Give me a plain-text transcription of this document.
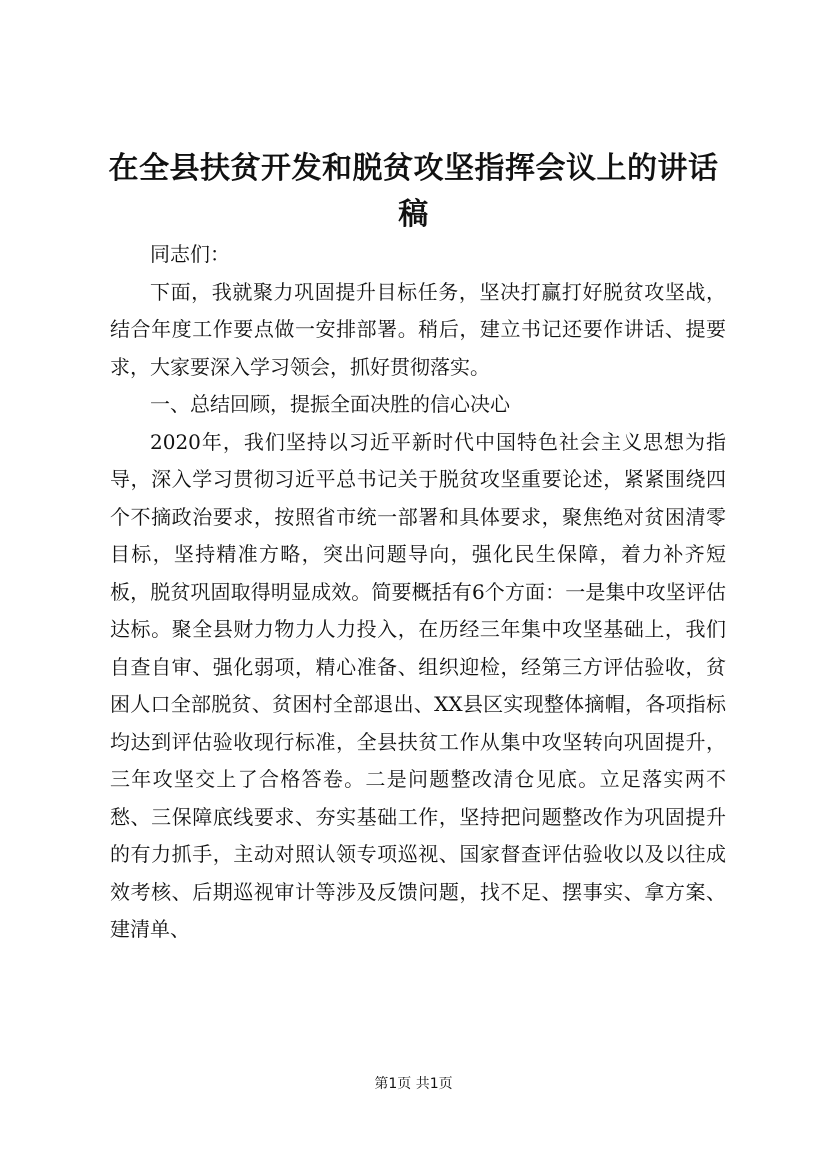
在全县扶贫开发和脱贫攻坚指挥会议上的讲话稿

同志们：

下面，我就聚力巩固提升目标任务，坚决打赢打好脱贫攻坚战，结合年度工作要点做一安排部署。稍后，建立书记还要作讲话、提要求，大家要深入学习领会，抓好贯彻落实。

一、总结回顾，提振全面决胜的信心决心

2020年，我们坚持以习近平新时代中国特色社会主义思想为指导，深入学习贯彻习近平总书记关于脱贫攻坚重要论述，紧紧围绕四个不摘政治要求，按照省市统一部署和具体要求，聚焦绝对贫困清零目标，坚持精准方略，突出问题导向，强化民生保障，着力补齐短板，脱贫巩固取得明显成效。简要概括有6个方面：一是集中攻坚评估达标。聚全县财力物力人力投入，在历经三年集中攻坚基础上，我们自查自审、强化弱项，精心准备、组织迎检，经第三方评估验收，贫困人口全部脱贫、贫困村全部退出、XX县区实现整体摘帽，各项指标均达到评估验收现行标准，全县扶贫工作从集中攻坚转向巩固提升，三年攻坚交上了合格答卷。二是问题整改清仓见底。立足落实两不愁、三保障底线要求、夯实基础工作，坚持把问题整改作为巩固提升的有力抓手，主动对照认领专项巡视、国家督查评估验收以及以往成效考核、后期巡视审计等涉及反馈问题，找不足、摆事实、拿方案、建清单、

第1页 共1页
